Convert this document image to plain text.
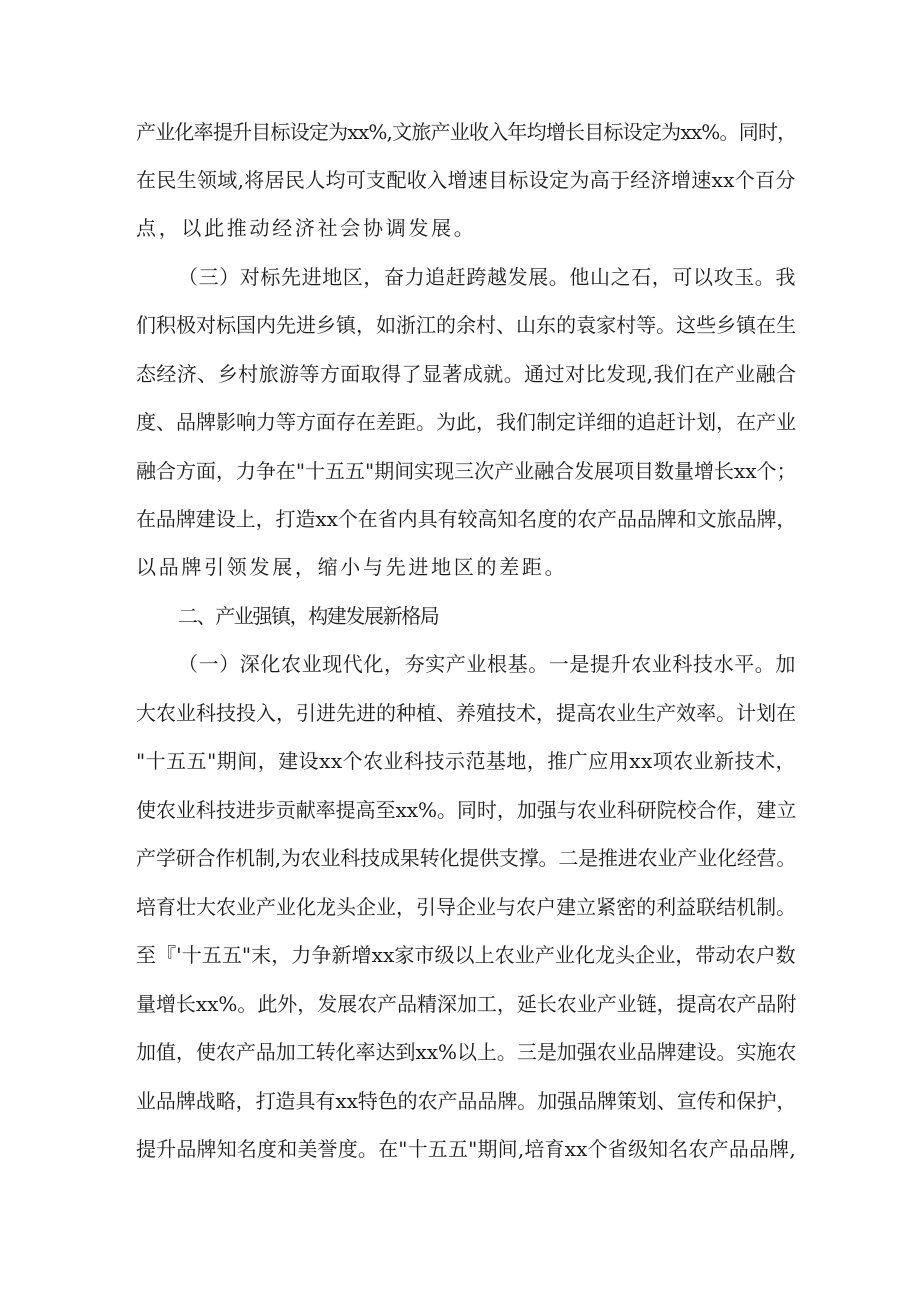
产业化率提升目标设定为xx%,文旅产业收入年均增长目标设定为xx%。同时，
在民生领域,将居民人均可支配收入增速目标设定为高于经济增速xx个百分
点，以此推动经济社会协调发展。
（三）对标先进地区，奋力追赶跨越发展。他山之石，可以攻玉。我
们积极对标国内先进乡镇，如浙江的余村、山东的袁家村等。这些乡镇在生
态经济、乡村旅游等方面取得了显著成就。通过对比发现,我们在产业融合
度、品牌影响力等方面存在差距。为此，我们制定详细的追赶计划，在产业
融合方面，力争在"十五五"期间实现三次产业融合发展项目数量增长xx个；
在品牌建设上，打造xx个在省内具有较高知名度的农产品品牌和文旅品牌，
以品牌引领发展，缩小与先进地区的差距。
二、产业强镇，构建发展新格局
（一）深化农业现代化，夯实产业根基。一是提升农业科技水平。加
大农业科技投入，引进先进的种植、养殖技术，提高农业生产效率。计划在
"十五五"期间，建设xx个农业科技示范基地，推广应用xx项农业新技术，
使农业科技进步贡献率提高至xx%。同时，加强与农业科研院校合作，建立
产学研合作机制,为农业科技成果转化提供支撑。二是推进农业产业化经营。
培育壮大农业产业化龙头企业，引导企业与农户建立紧密的利益联结机制。
至『'十五五"末，力争新增xx家市级以上农业产业化龙头企业，带动农户数
量增长xx%。此外，发展农产品精深加工，延长农业产业链，提高农产品附
加值，使农产品加工转化率达到xx%以上。三是加强农业品牌建设。实施农
业品牌战略，打造具有xx特色的农产品品牌。加强品牌策划、宣传和保护，
提升品牌知名度和美誉度。在"十五五"期间,培育xx个省级知名农产品品牌,
